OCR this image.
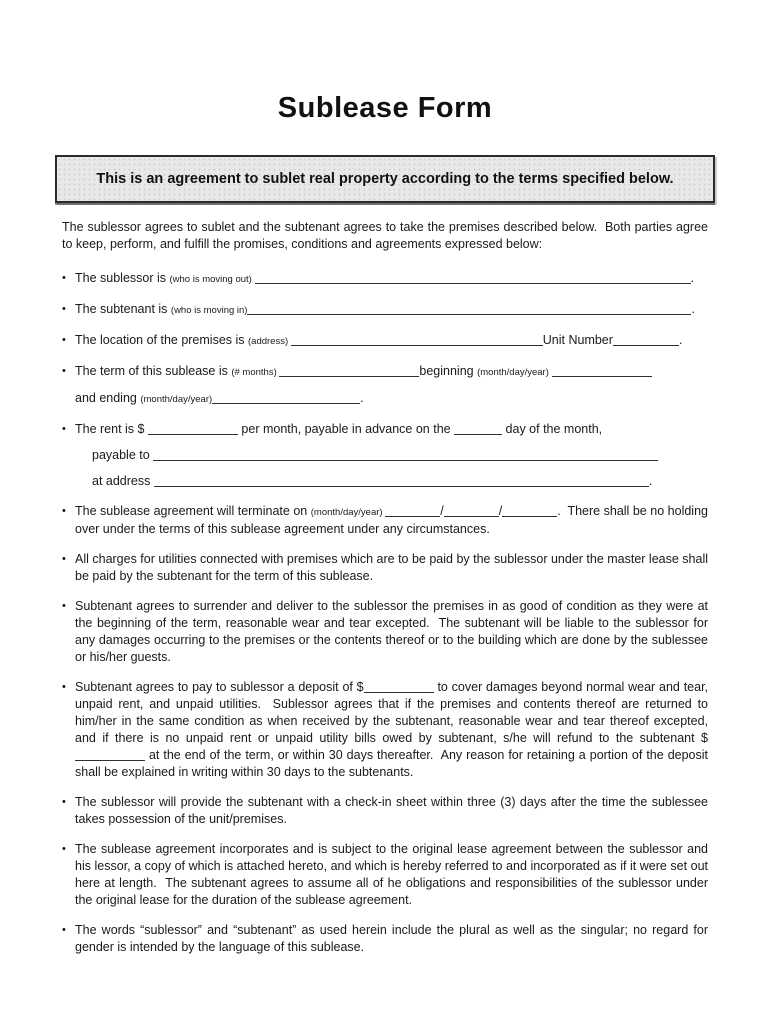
Sublease Form
This is an agreement to sublet real property according to the terms specified below.

The sublessor agrees to sublet and the subtenant agrees to take the premises described below.  Both parties agree to keep, perform, and fulfill the promises, conditions and agreements expressed below:

• The sublessor is (who is moving out)	.
• The subtenant is (who is moving in)	.
• The location of the premises is (address)	Unit Number	.
• The term of this sublease is (# months)	beginning (month/day/year)
and ending (month/day/year)	.
• The rent is $	per month, payable in advance on the	day of the month,
payable to
at address	.
• The sublease agreement will terminate on (month/day/year)	/	/	.  There shall be no holding over under the terms of this sublease agreement under any circumstances.
• All charges for utilities connected with premises which are to be paid by the sublessor under the master lease shall be paid by the subtenant for the term of this sublease.
• Subtenant agrees to surrender and deliver to the sublessor the premises in as good of condition as they were at the beginning of the term, reasonable wear and tear excepted.  The subtenant will be liable to the sublessor for any damages occurring to the premises or the contents thereof or to the building which are done by the sublessee or his/her guests.
• Subtenant agrees to pay to sublessor a deposit of $	to cover damages beyond normal wear and tear, unpaid rent, and unpaid utilities.  Sublessor agrees that if the premises and contents thereof are returned to him/her in the same condition as when received by the subtenant, reasonable wear and tear thereof excepted, and if there is no unpaid rent or unpaid utility bills owed by subtenant, s/he will refund to the subtenant $ at the end of the term, or within 30 days thereafter.  Any reason for retaining a portion of the deposit shall be explained in writing within 30 days to the subtenants.
• The sublessor will provide the subtenant with a check-in sheet within three (3) days after the time the sublessee takes possession of the unit/premises.
• The sublease agreement incorporates and is subject to the original lease agreement between the sublessor and his lessor, a copy of which is attached hereto, and which is hereby referred to and incorporated as if it were set out here at length.  The subtenant agrees to assume all of he obligations and responsibilities of the sublessor under the original lease for the duration of the sublease agreement.
• The words “sublessor” and “subtenant” as used herein include the plural as well as the singular; no regard for gender is intended by the language of this sublease.
